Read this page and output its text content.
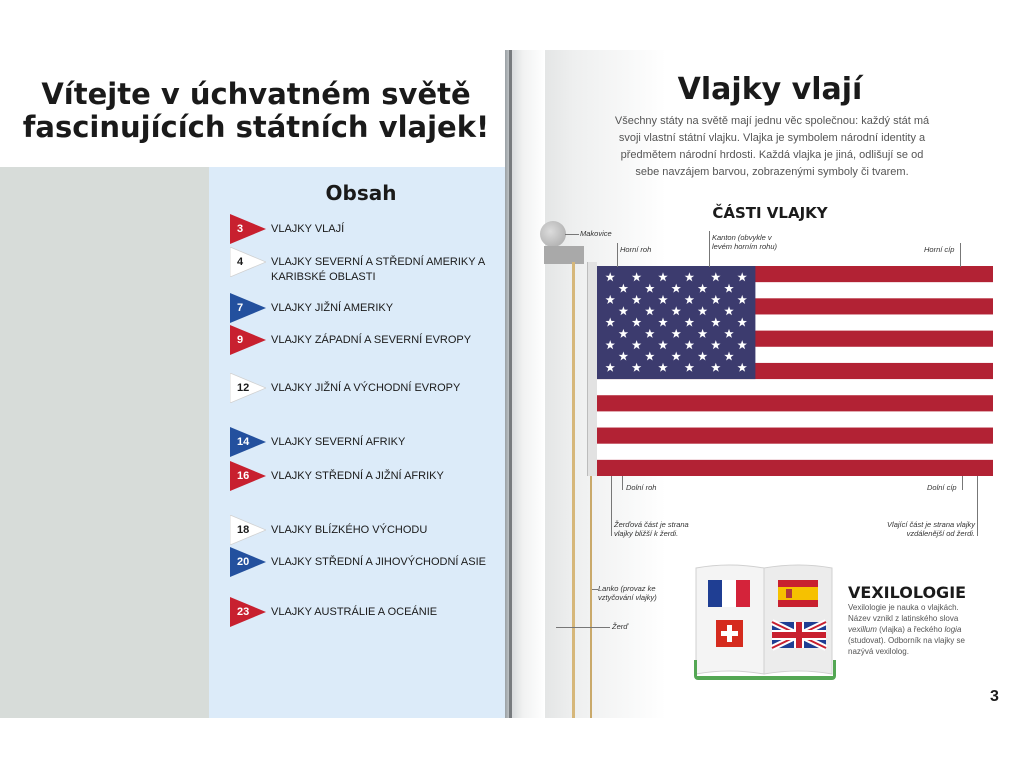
Vítejte v úchvatném světě
fascinujících státních vlajek!
Obsah
3	VLAJKY VLAJÍ
4	VLAJKY SEVERNÍ A STŘEDNÍ AMERIKY A KARIBSKÉ OBLASTI
7	VLAJKY JIŽNÍ AMERIKY
9	VLAJKY ZÁPADNÍ A SEVERNÍ EVROPY
12 VLAJKY JIŽNÍ A VÝCHODNÍ EVROPY
14 VLAJKY SEVERNÍ AFRIKY
16 VLAJKY STŘEDNÍ A JIŽNÍ AFRIKY
18 VLAJKY BLÍZKÉHO VÝCHODU
20 VLAJKY STŘEDNÍ A JIHOVÝCHODNÍ ASIE
23 VLAJKY AUSTRÁLIE A OCEÁNIE
Vlajky vlají
Všechny státy na světě mají jednu věc společnou: každý stát má svoji vlastní státní vlajku. Vlajka je symbolem národní identity a předmětem národní hrdosti. Každá vlajka je jiná, odlišují se od sebe navzájem barvou, zobrazenými symboly či tvarem.
ČÁSTI VLAJKY
Makovice
Horní roh
Kanton (obvykle v levém horním rohu)	Horní cíp
Dolní roh	Dolní cíp
Žerďová část je strana vlajky bližší k žerdi.
Vlající část je strana vlajky vzdálenější od žerdi.
Lanko (provaz ke vztyčování vlajky)
Žerď
VEXILOLOGIE
Vexilologie je nauka o vlajkách. Název vznikl z latinského slova vexillum (vlajka) a řeckého logia (studovat). Odborník na vlajky se nazývá vexilolog.
3
